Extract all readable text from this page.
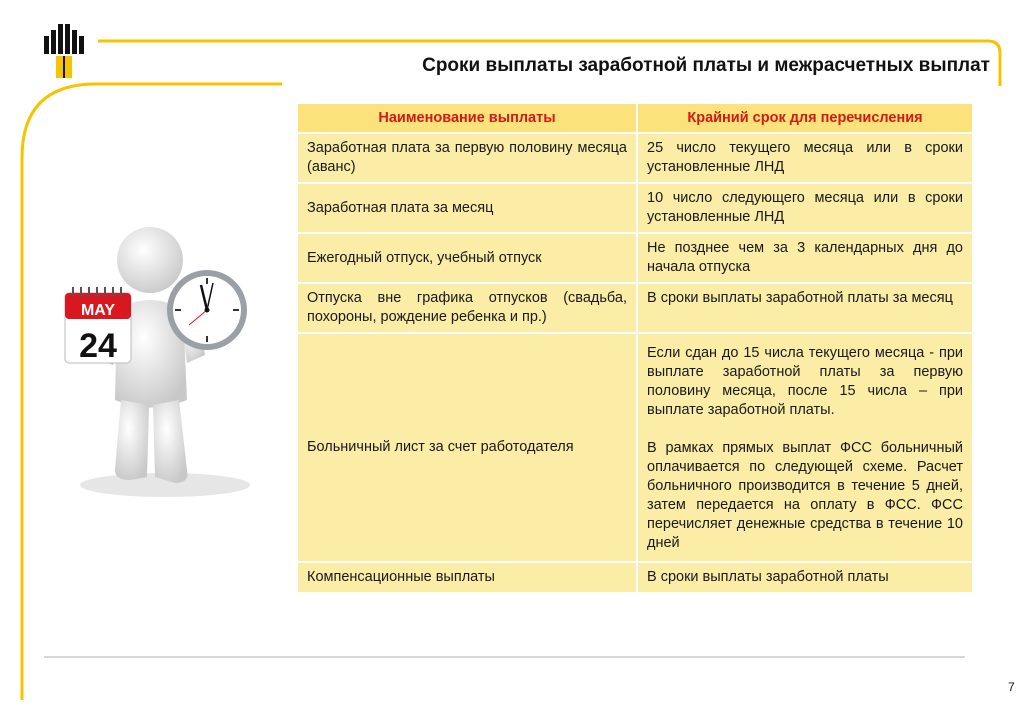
Сроки выплаты заработной платы и межрасчетных выплат
MAY
24
Наименование выплаты	Крайний срок для перечисления
Заработная плата за первую половину месяца (аванс)	25 число текущего месяца или в сроки установленные ЛНД
Заработная плата за месяц	10 число следующего месяца или в сроки установленные ЛНД
Ежегодный отпуск, учебный отпуск	Не позднее чем за 3 календарных дня до начала отпуска
Отпуска вне графика отпусков (свадьба, похороны, рождение ребенка и пр.)	В сроки выплаты заработной платы за месяц
Больничный лист за счет работодателя	Если сдан до 15 числа текущего месяца - при выплате заработной платы за первую половину месяца, после 15 числа – при выплате заработной платы.

В рамках прямых выплат ФСС больничный оплачивается по следующей схеме. Расчет больничного производится в течение 5 дней, затем передается на оплату в ФСС. ФСС перечисляет денежные средства в течение 10 дней

Компенсационные выплаты	В сроки выплаты заработной платы
7
